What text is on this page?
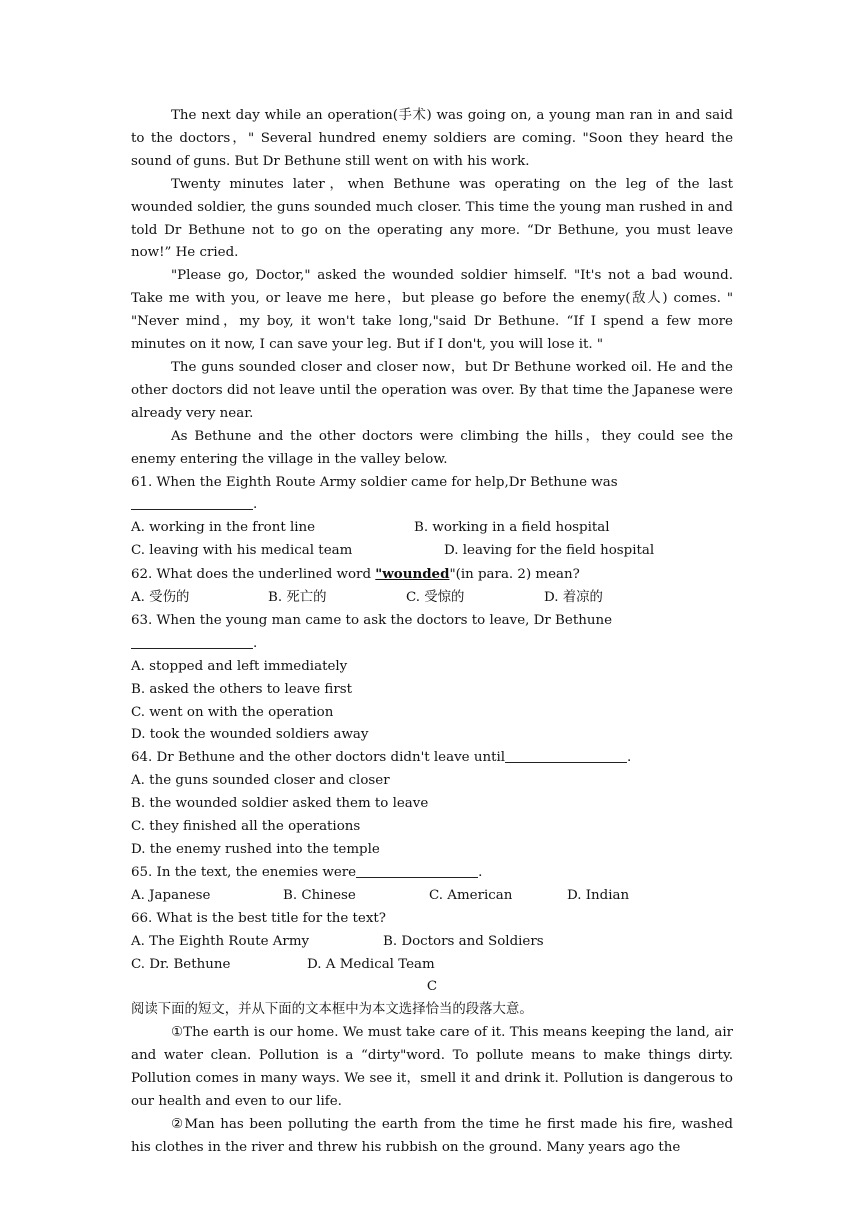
The next day while an operation(手术) was going on, a young man ran in and said to the doctors，" Several hundred enemy soldiers are coming. "Soon they heard the sound of guns. But Dr Bethune still went on with his work.

Twenty minutes later，when Bethune was operating on the leg of the last wounded soldier, the guns sounded much closer. This time the young man rushed in and told Dr Bethune not to go on the operating any more. “Dr Bethune, you must leave now!” He cried.

"Please go, Doctor," asked the wounded soldier himself. "It's not a bad wound. Take me with you, or leave me here，but please go before the enemy(敌人) comes. " "Never mind，my boy, it won't take long,"said Dr Bethune. “If I spend a few more minutes on it now, I can save your leg. But if I don't, you will lose it. "

The guns sounded closer and closer now，but Dr Bethune worked oil. He and the other doctors did not leave until the operation was over. By that time the Japanese were already very near.

As Bethune and the other doctors were climbing the hills，they could see the enemy entering the village in the valley below.

61. When the Eighth Route Army soldier came for help,Dr Bethune was.

A. working in the front line	B. working in a field hospital
C. leaving with his medical team	D. leaving for the field hospital

62. What does the underlined word "wounded"(in para. 2) mean?

A. 受伤的	B. 死亡的	C. 受惊的	D. 着凉的

63. When the young man came to ask the doctors to leave, Dr Bethune.

A. stopped and left immediately

B. asked the others to leave first

C. went on with the operation

D. took the wounded soldiers away

64. Dr Bethune and the other doctors didn't leave until	.

A. the guns sounded closer and closer

B. the wounded soldier asked them to leave

C. they finished all the operations

D. the enemy rushed into the temple

65. In the text, the enemies were	.

A. Japanese	B. Chinese	C. American	D. Indian

66. What is the best title for the text?

A. The Eighth Route Army	B. Doctors and Soldiers
C. Dr. Bethune	D. A Medical Team

C

阅读下面的短文，并从下面的文本框中为本文选择恰当的段落大意。

①The earth is our home. We must take care of it. This means keeping the land, air and water clean. Pollution is a “dirty"word. To pollute means to make things dirty. Pollution comes in many ways. We see it，smell it and drink it. Pollution is dangerous to our health and even to our life.

②Man has been polluting the earth from the time he first made his fire, washed his clothes in the river and threw his rubbish on the ground. Many years ago the
